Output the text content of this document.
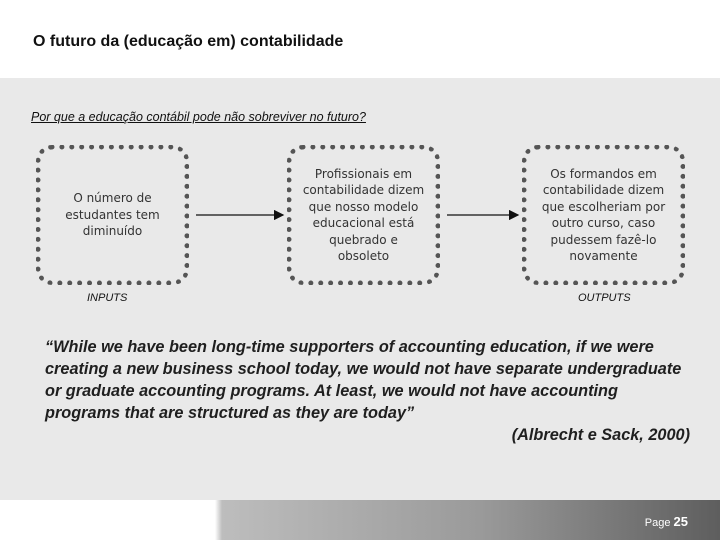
O futuro da (educação em) contabilidade
Por que a educação contábil pode não sobreviver no futuro?
O número de estudantes tem diminuído
Profissionais em contabilidade dizem que nosso modelo educacional está quebrado e obsoleto
Os formandos em contabilidade dizem que escolheriam por outro curso, caso pudessem fazê-lo novamente
INPUTS	OUTPUTS
“While we have been long-time supporters of accounting education, if we were creating a new business school today, we would not have separate undergraduate or graduate accounting programs. At least, we would not have accounting programs that are structured as they are today”
(Albrecht e Sack, 2000)
Page 25
